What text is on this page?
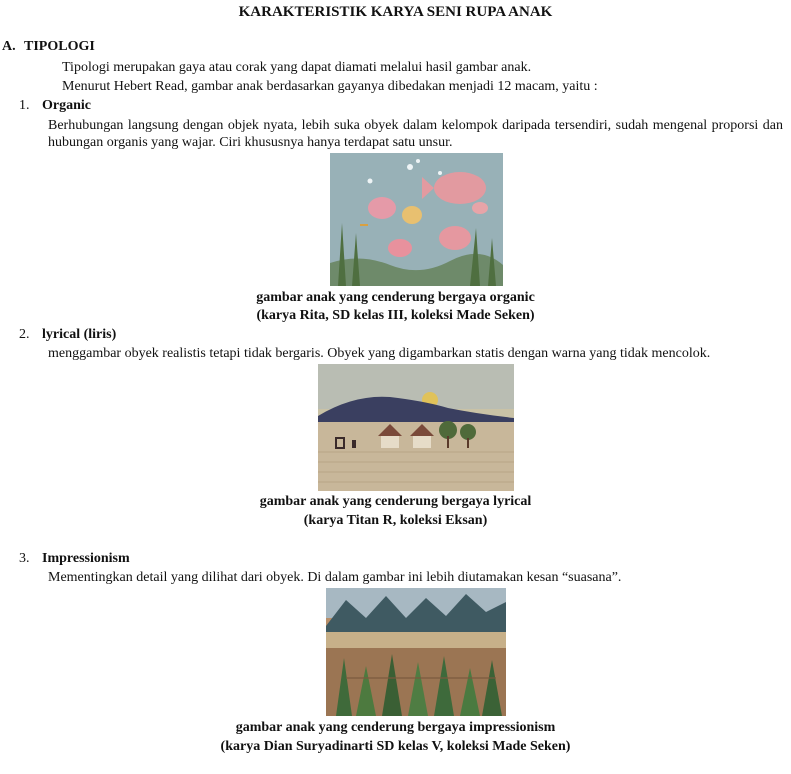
KARAKTERISTIK KARYA SENI RUPA ANAK
A. TIPOLOGI
Tipologi merupakan gaya atau corak yang dapat diamati melalui hasil gambar anak.
Menurut Hebert Read, gambar anak berdasarkan gayanya dibedakan menjadi 12 macam, yaitu :
1. Organic
Berhubungan langsung dengan objek nyata, lebih suka obyek dalam kelompok daripada tersendiri, sudah mengenal proporsi dan hubungan organis yang wajar. Ciri khususnya hanya terdapat satu unsur.
gambar anak yang cenderung bergaya organic
(karya Rita, SD kelas III, koleksi Made Seken)
2. lyrical (liris)
menggambar obyek realistis tetapi tidak bergaris. Obyek yang digambarkan statis dengan warna yang tidak mencolok.
gambar anak yang cenderung bergaya lyrical
(karya Titan R, koleksi Eksan)
3. Impressionism
Mementingkan detail yang dilihat dari obyek. Di dalam gambar ini lebih diutamakan kesan “suasana”.
gambar anak yang cenderung bergaya impressionism
(karya Dian Suryadinarti SD kelas V, koleksi Made Seken)
